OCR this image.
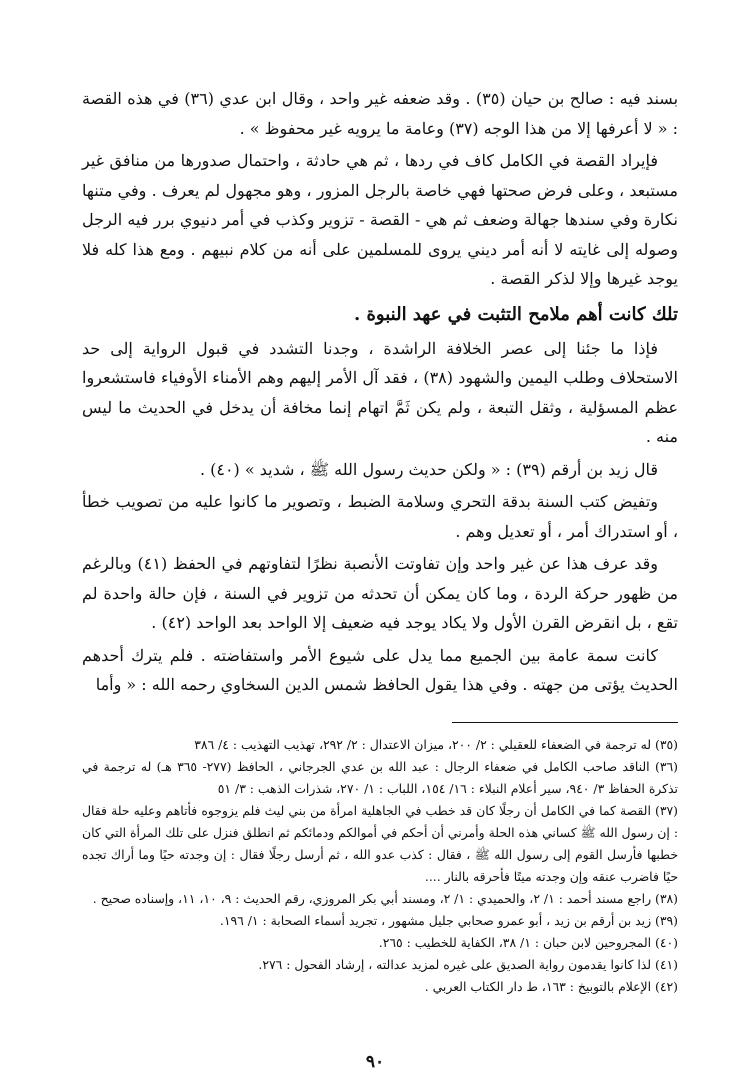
بسند فيه : صالح بن حيان (٣٥) . وقد ضعفه غير واحد ، وقال ابن عدي (٣٦) في هذه القصة : « لا أعرفها إلا من هذا الوجه (٣٧) وعامة ما يرويه غير محفوظ » .

فإيراد القصة في الكامل كاف في ردها ، ثم هي حادثة ، واحتمال صدورها من منافق غير مستبعد ، وعلى فرض صحتها فهي خاصة بالرجل المزور ، وهو مجهول لم يعرف . وفي متنها نكارة وفي سندها جهالة وضعف ثم هي - القصة - تزوير وكذب في أمر دنيوي برر فيه الرجل وصوله إلى غايته لا أنه أمر ديني يروى للمسلمين على أنه من كلام نبيهم . ومع هذا كله فلا يوجد غيرها وإلا لذكر القصة .

تلك كانت أهم ملامح التثبت في عهد النبوة .

فإذا ما جئنا إلى عصر الخلافة الراشدة ، وجدنا التشدد في قبول الرواية إلى حد الاستحلاف وطلب اليمين والشهود (٣٨) ، فقد آل الأمر إليهم وهم الأمناء الأوفياء فاستشعروا عظم المسؤلية ، وثقل التبعة ، ولم يكن ثَمَّ اتهام إنما مخافة أن يدخل في الحديث ما ليس منه .

قال زيد بن أرقم (٣٩) : « ولكن حديث رسول الله ﷺ ، شديد » (٤٠) .

وتفيض كتب السنة بدقة التحري وسلامة الضبط ، وتصوير ما كانوا عليه من تصويب خطأ ، أو استدراك أمر ، أو تعديل وهم .

وقد عرف هذا عن غير واحد وإن تفاوتت الأنصبة نظرًا لتفاوتهم في الحفظ (٤١) وبالرغم من ظهور حركة الردة ، وما كان يمكن أن تحدثه من تزوير في السنة ، فإن حالة واحدة لم تقع ، بل انقرض القرن الأول ولا يكاد يوجد فيه ضعيف إلا الواحد بعد الواحد (٤٢) .

كانت سمة عامة بين الجميع مما يدل على شيوع الأمر واستفاضته . فلم يترك أحدهم الحديث يؤتى من جهته . وفي هذا يقول الحافظ شمس الدين السخاوي رحمه الله : « وأما

(٣٥) له ترجمة في الضعفاء للعقيلي : ٢/ ٢٠٠، ميزان الاعتدال : ٢/ ٢٩٢، تهذيب التهذيب : ٤/ ٣٨٦

(٣٦) الناقد صاحب الكامل في ضعفاء الرجال : عبد الله بن عدي الجرجاني ، الحافظ (٢٧٧- ٣٦٥ هـ) له ترجمة في تذكرة الحفاظ ٣/ ٩٤٠، سير أعلام النبلاء : ١٦/ ١٥٤، اللباب : ١/ ٢٧٠، شذرات الذهب : ٣/ ٥١

(٣٧) القصة كما في الكامل أن رجلًا كان قد خطب في الجاهلية امرأة من بني ليث فلم يزوجوه فأتاهم وعليه حلة فقال : إن رسول الله ﷺ كساني هذه الحلة وأمرني أن أحكم في أموالكم ودمائكم ثم انطلق فنزل على تلك المرأة التي كان خطبها فأرسل القوم إلى رسول الله ﷺ ، فقال : كذب عدو الله ، ثم أرسل رجلًا فقال : إن وجدته حيًا وما أراك تجده حيًا فاضرب عنقه وإن وجدته ميتًا فأحرقه بالنار ....

(٣٨) راجع مسند أحمد : ١/ ٢، والحميدي : ١/ ٢، ومسند أبي بكر المروزي، رقم الحديث : ٩، ١٠، ١١، وإسناده صحيح .

(٣٩) زيد بن أرقم بن زيد ، أبو عمرو صحابي جليل مشهور ، تجريد أسماء الصحابة : ١/ ١٩٦.

(٤٠) المجروحين لابن حبان : ١/ ٣٨، الكفاية للخطيب : ٢٦٥.

(٤١) لذا كانوا يقدمون رواية الصديق على غيره لمزيد عدالته ، إرشاد الفحول : ٢٧٦.

(٤٢) الإعلام بالتوبيخ : ١٦٣، ط دار الكتاب العربي .

٩٠
